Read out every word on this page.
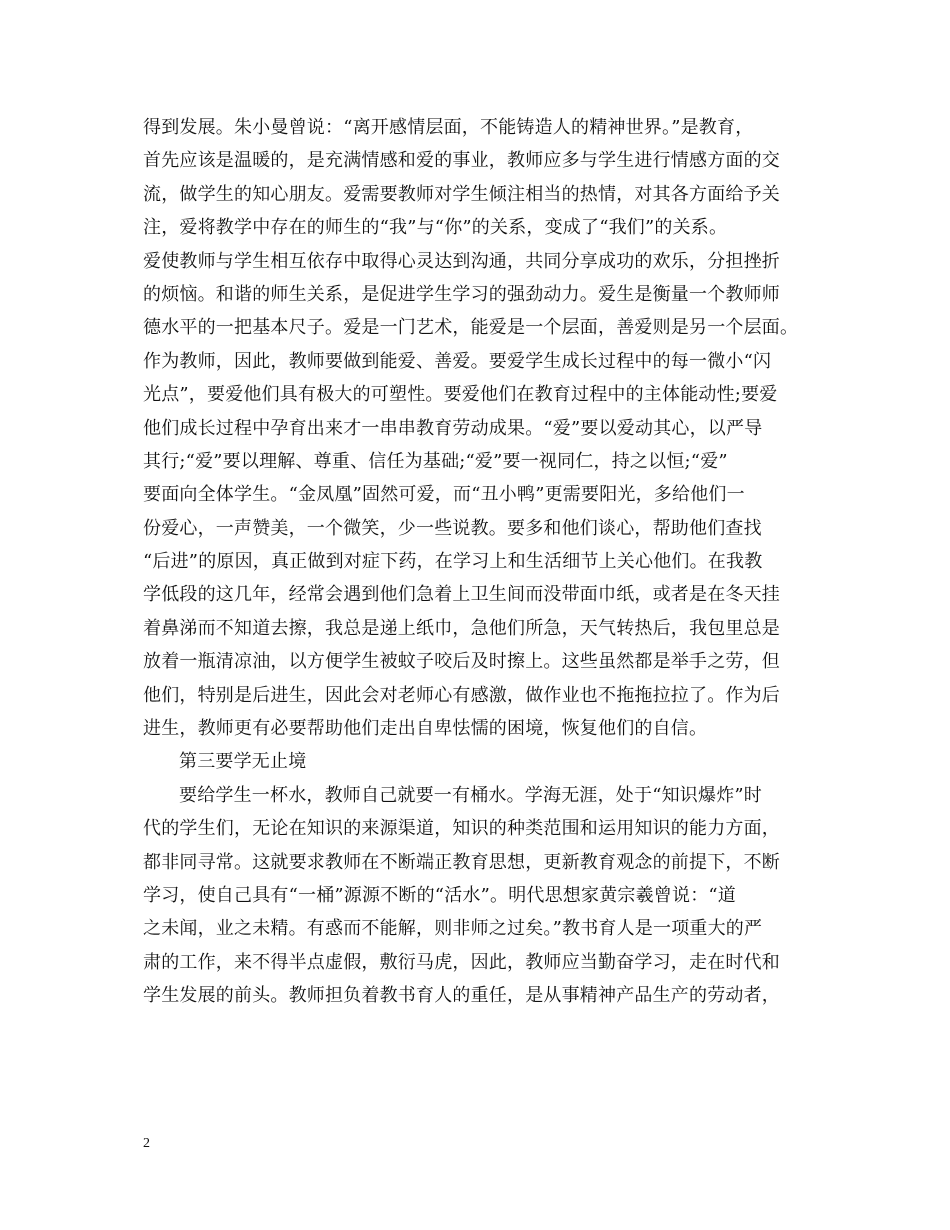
得到发展。朱小曼曾说：“离开感情层面，不能铸造人的精神世界。”是教育，
首先应该是温暖的，是充满情感和爱的事业，教师应多与学生进行情感方面的交
流，做学生的知心朋友。爱需要教师对学生倾注相当的热情，对其各方面给予关
注，爱将教学中存在的师生的“我”与“你”的关系，变成了“我们”的关系。
爱使教师与学生相互依存中取得心灵达到沟通，共同分享成功的欢乐，分担挫折
的烦恼。和谐的师生关系，是促进学生学习的强劲动力。爱生是衡量一个教师师
德水平的一把基本尺子。爱是一门艺术，能爱是一个层面，善爱则是另一个层面。
作为教师，因此，教师要做到能爱、善爱。要爱学生成长过程中的每一微小“闪
光点”，要爱他们具有极大的可塑性。要爱他们在教育过程中的主体能动性;要爱
他们成长过程中孕育出来才一串串教育劳动成果。“爱”要以爱动其心，以严导
其行;“爱”要以理解、尊重、信任为基础;“爱”要一视同仁，持之以恒;“爱”
要面向全体学生。“金凤凰”固然可爱，而“丑小鸭”更需要阳光，多给他们一
份爱心，一声赞美，一个微笑，少一些说教。要多和他们谈心，帮助他们查找
“后进”的原因，真正做到对症下药，在学习上和生活细节上关心他们。在我教
学低段的这几年，经常会遇到他们急着上卫生间而没带面巾纸，或者是在冬天挂
着鼻涕而不知道去擦，我总是递上纸巾，急他们所急，天气转热后，我包里总是
放着一瓶清凉油，以方便学生被蚊子咬后及时擦上。这些虽然都是举手之劳，但
他们，特别是后进生，因此会对老师心有感激，做作业也不拖拖拉拉了。作为后
进生，教师更有必要帮助他们走出自卑怯懦的困境，恢复他们的自信。
第三要学无止境
要给学生一杯水，教师自己就要一有桶水。学海无涯，处于“知识爆炸”时
代的学生们，无论在知识的来源渠道，知识的种类范围和运用知识的能力方面，
都非同寻常。这就要求教师在不断端正教育思想，更新教育观念的前提下，不断
学习，使自己具有“一桶”源源不断的“活水”。明代思想家黄宗羲曾说：“道
之未闻，业之未精。有惑而不能解，则非师之过矣。”教书育人是一项重大的严
肃的工作，来不得半点虚假，敷衍马虎，因此，教师应当勤奋学习，走在时代和
学生发展的前头。教师担负着教书育人的重任，是从事精神产品生产的劳动者，
2
